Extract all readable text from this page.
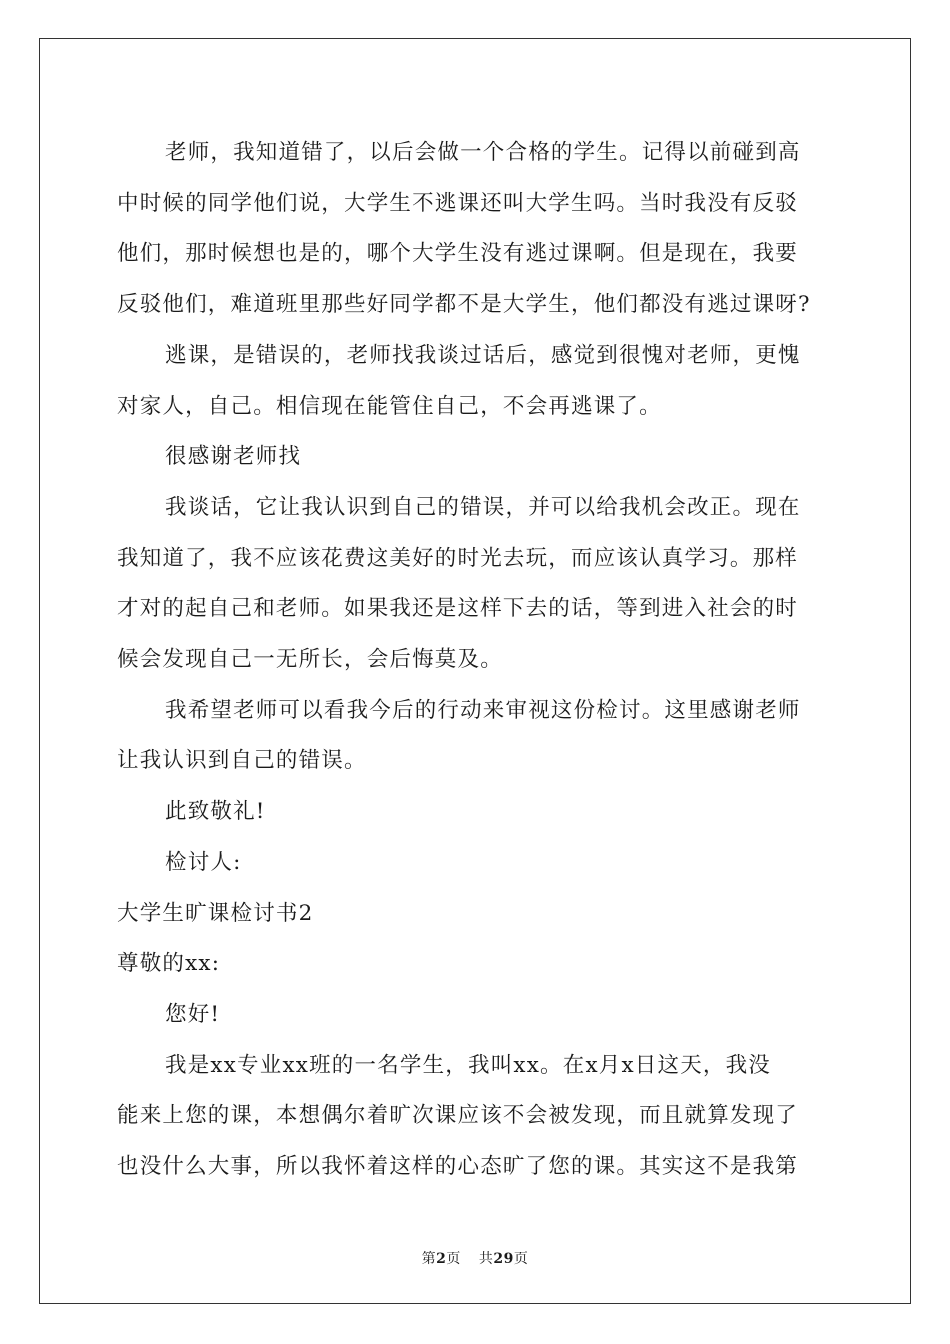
老师，我知道错了，以后会做一个合格的学生。记得以前碰到高
中时候的同学他们说，大学生不逃课还叫大学生吗。当时我没有反驳
他们，那时候想也是的，哪个大学生没有逃过课啊。但是现在，我要
反驳他们，难道班里那些好同学都不是大学生，他们都没有逃过课呀?

逃课，是错误的，老师找我谈过话后，感觉到很愧对老师，更愧
对家人，自己。相信现在能管住自己，不会再逃课了。

很感谢老师找

我谈话，它让我认识到自己的错误，并可以给我机会改正。现在
我知道了，我不应该花费这美好的时光去玩，而应该认真学习。那样
才对的起自己和老师。如果我还是这样下去的话，等到进入社会的时
候会发现自己一无所长，会后悔莫及。

我希望老师可以看我今后的行动来审视这份检讨。这里感谢老师
让我认识到自己的错误。

此致敬礼!

检讨人:

大学生旷课检讨书2

尊敬的xx:

您好!

我是xx专业xx班的一名学生，我叫xx。在x月x日这天，我没
能来上您的课，本想偶尔着旷次课应该不会被发现，而且就算发现了
也没什么大事，所以我怀着这样的心态旷了您的课。其实这不是我第

第2页 共29页
